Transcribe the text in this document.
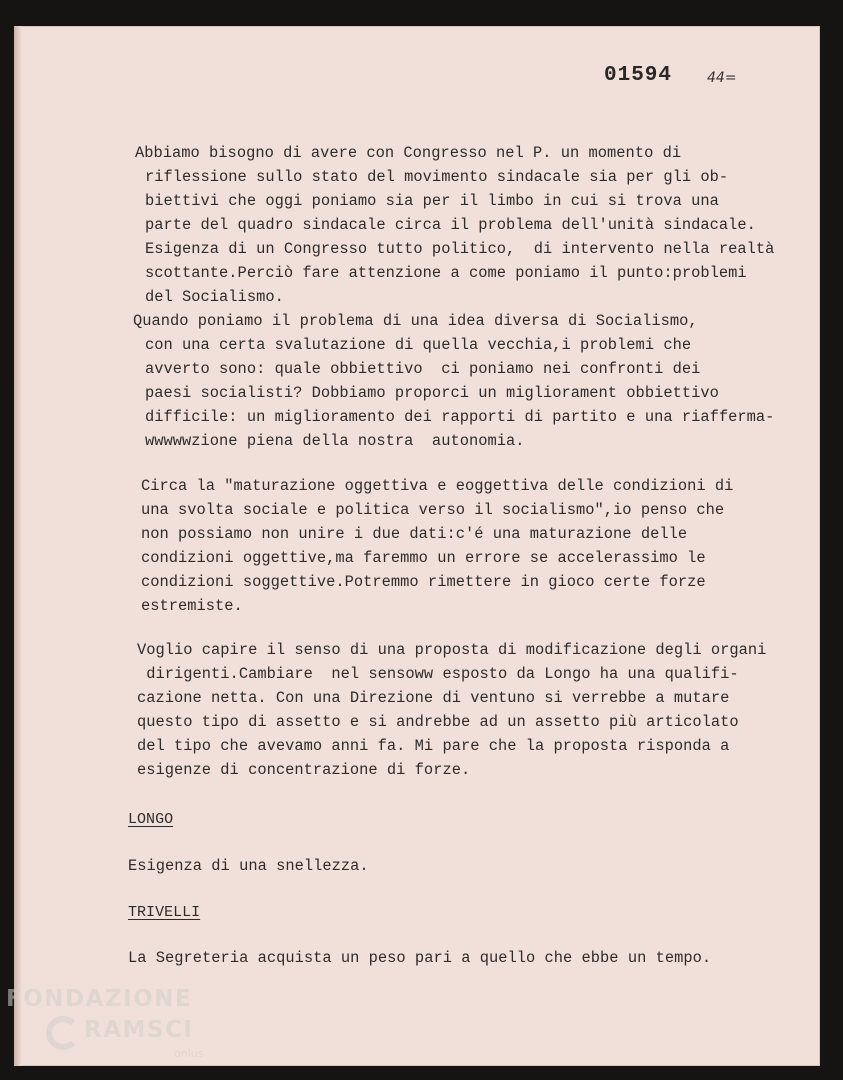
01594 44=
Abbiamo bisogno di avere con Congresso nel P. un momento di
riflessione sullo stato del movimento sindacale sia per gli ob-
biettivi che oggi poniamo sia per il limbo in cui si trova una
parte del quadro sindacale circa il problema dell'unità sindacale.
Esigenza di un Congresso tutto politico,  di intervento nella realtà
scottante.Perciò fare attenzione a come poniamo il punto:problemi
del Socialismo.
Quando poniamo il problema di una idea diversa di Socialismo,
con una certa svalutazione di quella vecchia,i problemi che
avverto sono: quale obbiettivo  ci poniamo nei confronti dei
paesi socialisti? Dobbiamo proporci un migliorament obbiettivo
difficile: un miglioramento dei rapporti di partito e una riafferma-
wwwwwzione piena della nostra  autonomia.
Circa la "maturazione oggettiva e eoggettiva delle condizioni di
una svolta sociale e politica verso il socialismo",io penso che
non possiamo non unire i due dati:c'é una maturazione delle
condizioni oggettive,ma faremmo un errore se accelerassimo le
condizioni soggettive.Potremmo rimettere in gioco certe forze
estremiste.
Voglio capire il senso di una proposta di modificazione degli organi
dirigenti.Cambiare  nel sensoww esposto da Longo ha una qualifi-
cazione netta. Con una Direzione di ventuno si verrebbe a mutare
questo tipo di assetto e si andrebbe ad un assetto più articolato
del tipo che avevamo anni fa. Mi pare che la proposta risponda a
esigenze di concentrazione di forze.
LONGO
Esigenza di una snellezza.
TRIVELLI
La Segreteria acquista un peso pari a quello che ebbe un tempo.
FONDAZIONE
RAMSCI
onlus
